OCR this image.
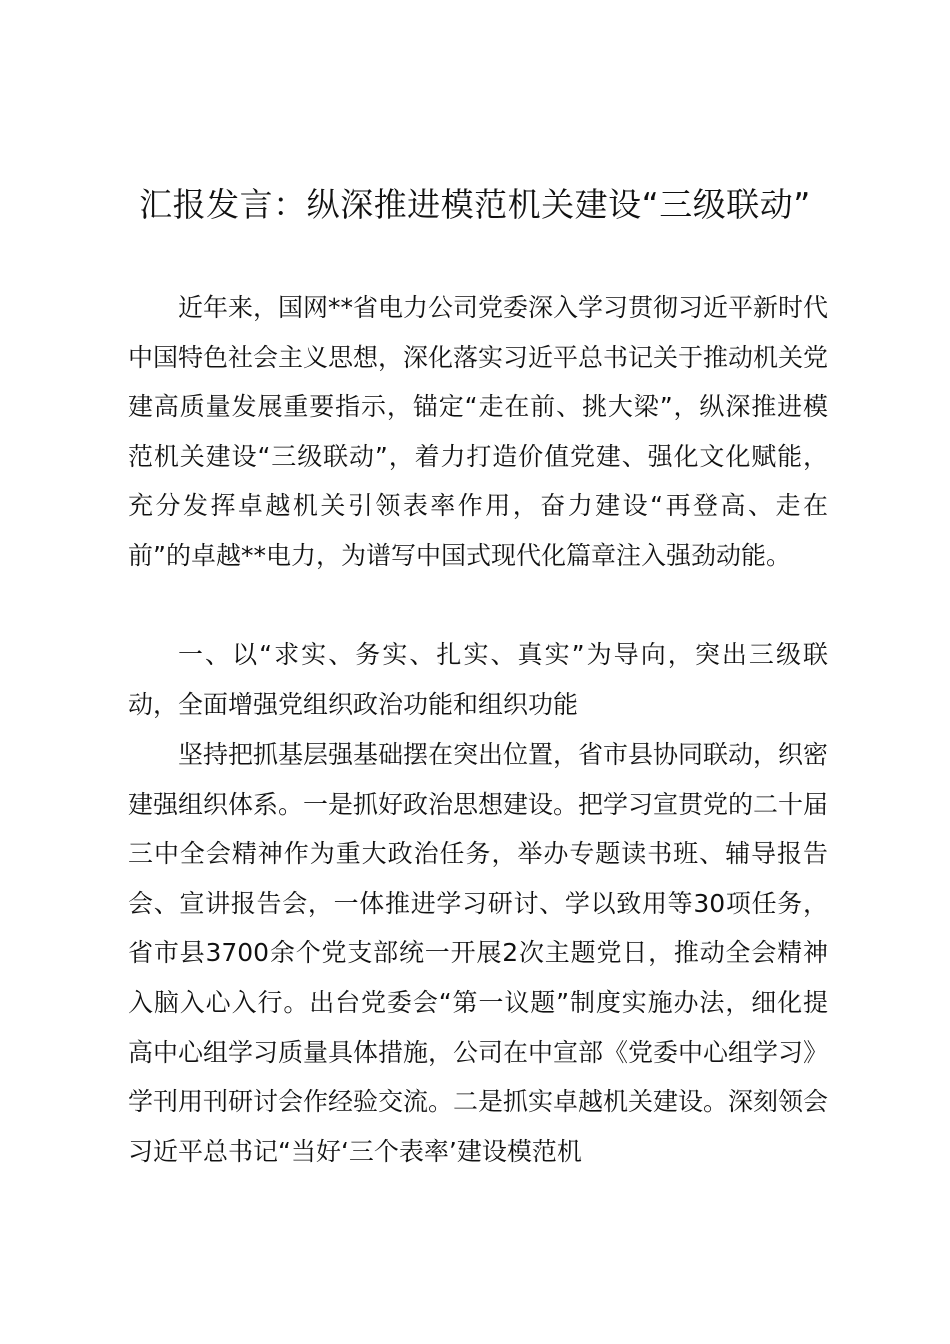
汇报发言：纵深推进模范机关建设“三级联动”

近年来，国网**省电力公司党委深入学习贯彻习近平新时代中国特色社会主义思想，深化落实习近平总书记关于推动机关党建高质量发展重要指示，锚定“走在前、挑大梁”，纵深推进模范机关建设“三级联动”，着力打造价值党建、强化文化赋能，充分发挥卓越机关引领表率作用，奋力建设“再登高、走在前”的卓越**电力，为谱写中国式现代化篇章注入强劲动能。

一、以“求实、务实、扎实、真实”为导向，突出三级联动，全面增强党组织政治功能和组织功能

坚持把抓基层强基础摆在突出位置，省市县协同联动，织密建强组织体系。一是抓好政治思想建设。把学习宣贯党的二十届三中全会精神作为重大政治任务，举办专题读书班、辅导报告会、宣讲报告会，一体推进学习研讨、学以致用等30项任务，省市县3700余个党支部统一开展2次主题党日，推动全会精神入脑入心入行。出台党委会“第一议题”制度实施办法，细化提高中心组学习质量具体措施，公司在中宣部《党委中心组学习》学刊用刊研讨会作经验交流。二是抓实卓越机关建设。深刻领会习近平总书记“当好‘三个表率’建设模范机
